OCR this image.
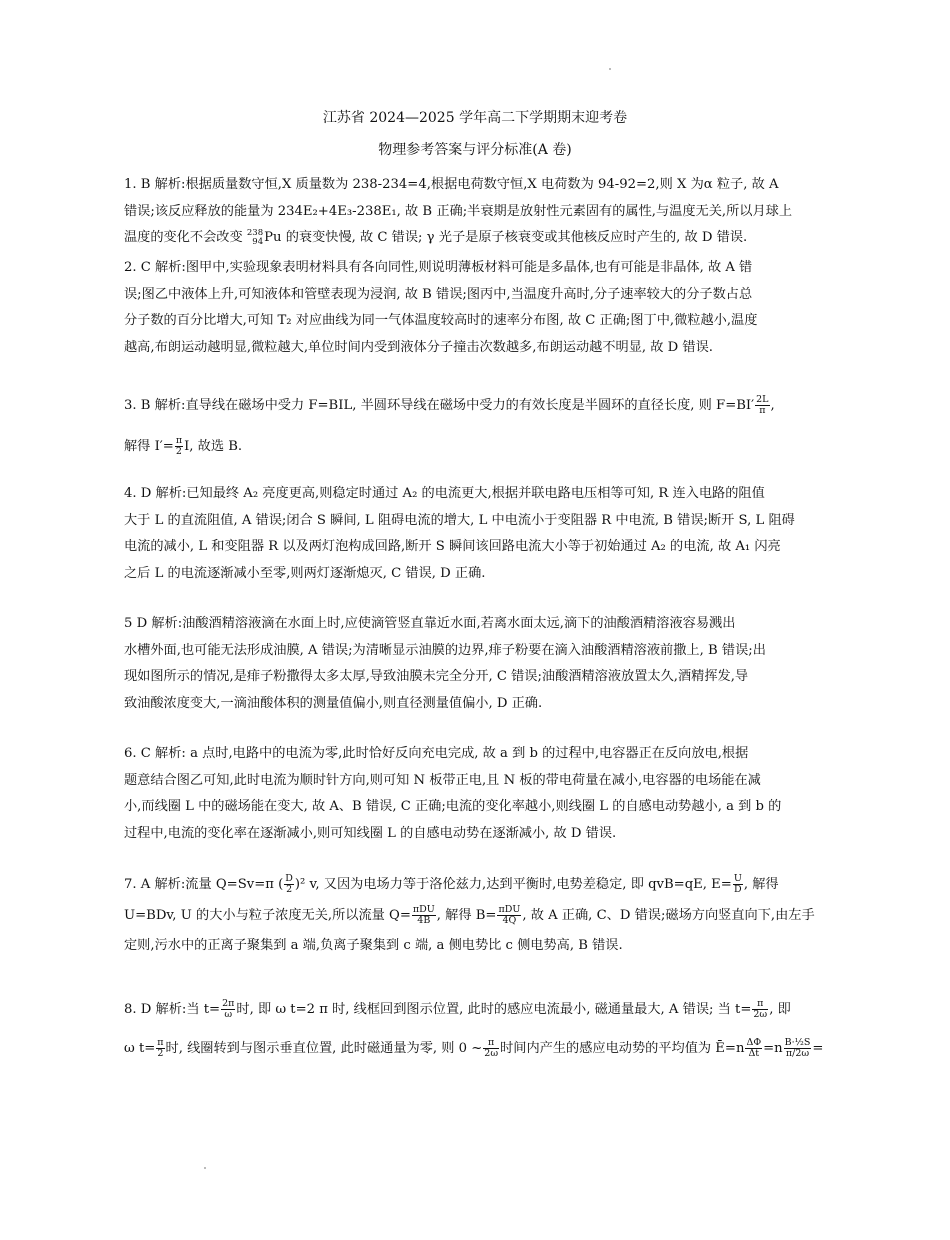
江苏省 2024—2025 学年高二下学期期末迎考卷
物理参考答案与评分标准(A 卷)
1. B 解析:根据质量数守恒,X 质量数为 238-234=4,根据电荷数守恒,X 电荷数为 94-92=2,则 X 为α 粒子, 故 A
错误;该反应释放的能量为 234E₂+4E₃-238E₁, 故 B 正确;半衰期是放射性元素固有的属性,与温度无关,所以月球上
温度的变化不会改变 238
94 Pu 的衰变快慢, 故 C 错误; γ 光子是原子核衰变或其他核反应时产生的, 故 D 错误.
2. C 解析:图甲中,实验现象表明材料具有各向同性,则说明薄板材料可能是多晶体,也有可能是非晶体, 故 A 错
误;图乙中液体上升,可知液体和管壁表现为浸润, 故 B 错误;图丙中,当温度升高时,分子速率较大的分子数占总
分子数的百分比增大,可知 T₂ 对应曲线为同一气体温度较高时的速率分布图, 故 C 正确;图丁中,微粒越小,温度
越高,布朗运动越明显,微粒越大,单位时间内受到液体分子撞击次数越多,布朗运动越不明显, 故 D 错误.
3. B 解析:直导线在磁场中受力 F=BIL, 半圆环导线在磁场中受力的有效长度是半圆环的直径长度, 则 $F=BI' \frac{2L}{\pi}$ ,
解得 $I'= \frac{\pi}{2} I$, 故选 B.
4. D 解析:已知最终 A₂ 亮度更高,则稳定时通过 A₂ 的电流更大,根据并联电路电压相等可知, R 连入电路的阻值
大于 L 的直流阻值, A 错误;闭合 S 瞬间, L 阻碍电流的增大, L 中电流小于变阻器 R 中电流, B 错误;断开 S, L 阻碍
电流的减小, L 和变阻器 R 以及两灯泡构成回路,断开 S 瞬间该回路电流大小等于初始通过 A₂ 的电流, 故 A₁ 闪亮
之后 L 的电流逐渐减小至零,则两灯逐渐熄灭, C 错误, D 正确.
5 D 解析:油酸酒精溶液滴在水面上时,应使滴管竖直靠近水面,若离水面太远,滴下的油酸酒精溶液容易溅出
水槽外面,也可能无法形成油膜, A 错误;为清晰显示油膜的边界,痱子粉要在滴入油酸酒精溶液前撒上, B 错误;出
现如图所示的情况,是痱子粉撒得太多太厚,导致油膜未完全分开, C 错误;油酸酒精溶液放置太久,酒精挥发,导
致油酸浓度变大,一滴油酸体积的测量值偏小,则直径测量值偏小, D 正确.
6. C 解析: a 点时,电路中的电流为零,此时恰好反向充电完成, 故 a 到 b 的过程中,电容器正在反向放电,根据
题意结合图乙可知,此时电流为顺时针方向,则可知 N 板带正电,且 N 板的带电荷量在减小,电容器的电场能在减
小,而线圈 L 中的磁场能在变大, 故 A、B 错误, C 正确;电流的变化率越小,则线圈 L 的自感电动势越小, a 到 b 的
过程中,电流的变化率在逐渐减小,则可知线圈 L 的自感电动势在逐渐减小, 故 D 错误.
7. A 解析:流量 Q=Sv=π ( $\frac{D}{2} )^2$ v, 又因为电场力等于洛伦兹力,达到平衡时,电势差稳定, 即 qvB=qE, $E= \frac{U}{D}$ , 解得
U=BDv, U 的大小与粒子浓度无关,所以流量 $Q= \frac{\text{πDU}}{4B}$ , 解得 $B= \frac{\text{πDU}}{4Q}$ , 故 A 正确, C、D 错误;磁场方向竖直向下,由左手
定则,污水中的正离子聚集到 a 端,负离子聚集到 c 端, a 侧电势比 c 侧电势高, B 错误.
8. D 解析:当 $t= \frac{2\pi}{\omega}$ 时, 即 ω t=2 π 时, 线框回到图示位置, 此时的感应电流最小, 磁通量最大, A 错误; 当 $t= \frac{\pi}{2\omega}$ , 即
ω $t= \frac{\pi}{2}$ 时, 线圈转到与图示垂直位置, 此时磁通量为零, 则 0 ~ $\frac{\pi}{2\omega}$ 时间内产生的感应电动势的平均值为 Ē=n $\frac{\Delta\Phi}{\Delta t} =n \frac{\text{B·½S}}{\pi/2\omega}$ =
